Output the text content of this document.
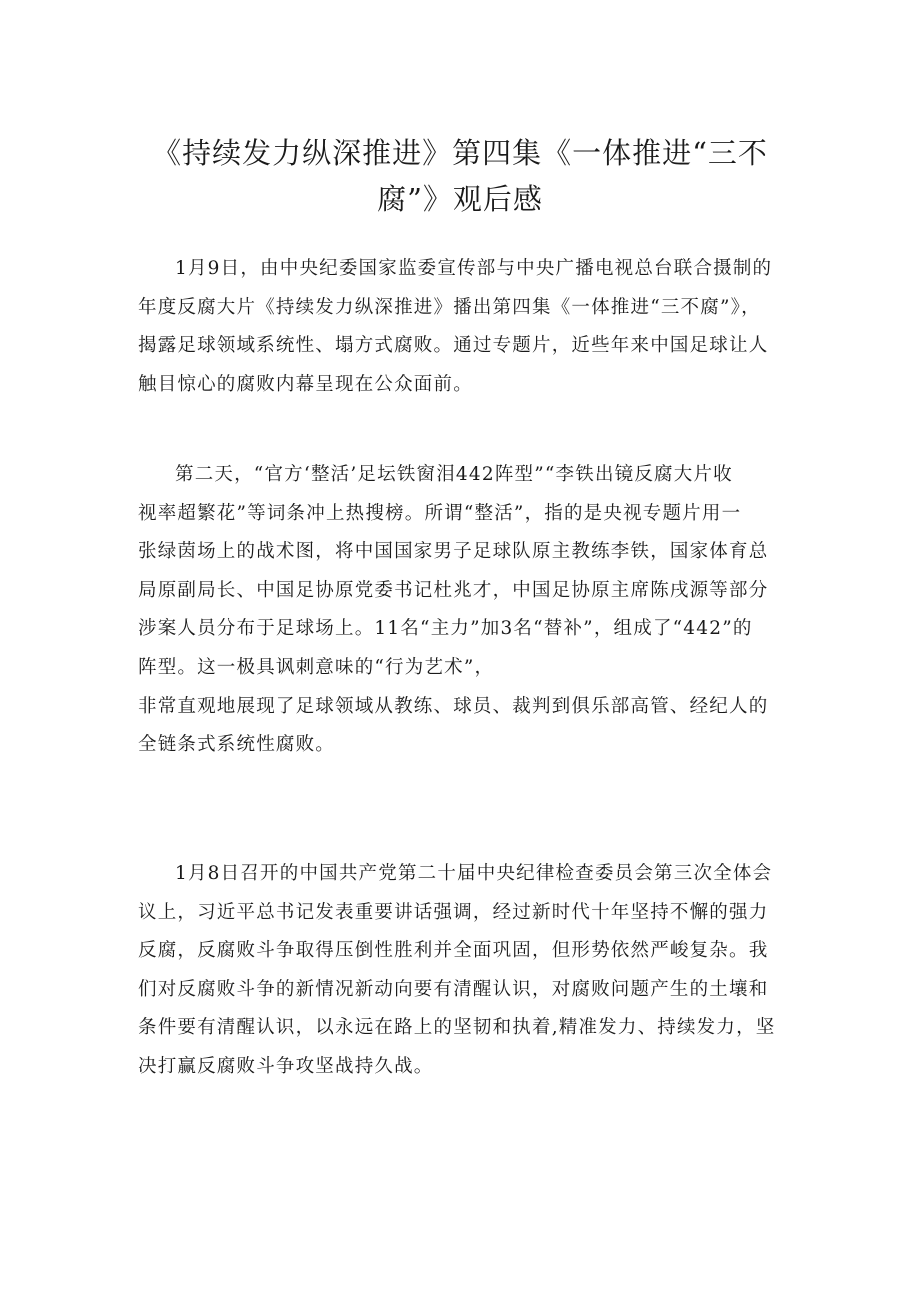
《持续发力纵深推进》第四集《一体推进“三不
腐”》观后感

1月9日，由中央纪委国家监委宣传部与中央广播电视总台联合摄制的
年度反腐大片《持续发力纵深推进》播出第四集《一体推进“三不腐”》，
揭露足球领域系统性、塌方式腐败。通过专题片，近些年来中国足球让人
触目惊心的腐败内幕呈现在公众面前。

第二天，“官方‘整活’足坛铁窗泪442阵型”“李铁出镜反腐大片收
视率超繁花”等词条冲上热搜榜。所谓“整活”，指的是央视专题片用一
张绿茵场上的战术图，将中国国家男子足球队原主教练李铁，国家体育总
局原副局长、中国足协原党委书记杜兆才，中国足协原主席陈戌源等部分
涉案人员分布于足球场上。11名“主力”加3名“替补”，组成了“442”的
阵型。这一极具讽刺意味的“行为艺术”，
非常直观地展现了足球领域从教练、球员、裁判到俱乐部高管、经纪人的
全链条式系统性腐败。

1月8日召开的中国共产党第二十届中央纪律检查委员会第三次全体会
议上，习近平总书记发表重要讲话强调，经过新时代十年坚持不懈的强力
反腐，反腐败斗争取得压倒性胜利并全面巩固，但形势依然严峻复杂。我
们对反腐败斗争的新情况新动向要有清醒认识，对腐败问题产生的土壤和
条件要有清醒认识，以永远在路上的坚韧和执着,精准发力、持续发力，坚
决打赢反腐败斗争攻坚战持久战。
